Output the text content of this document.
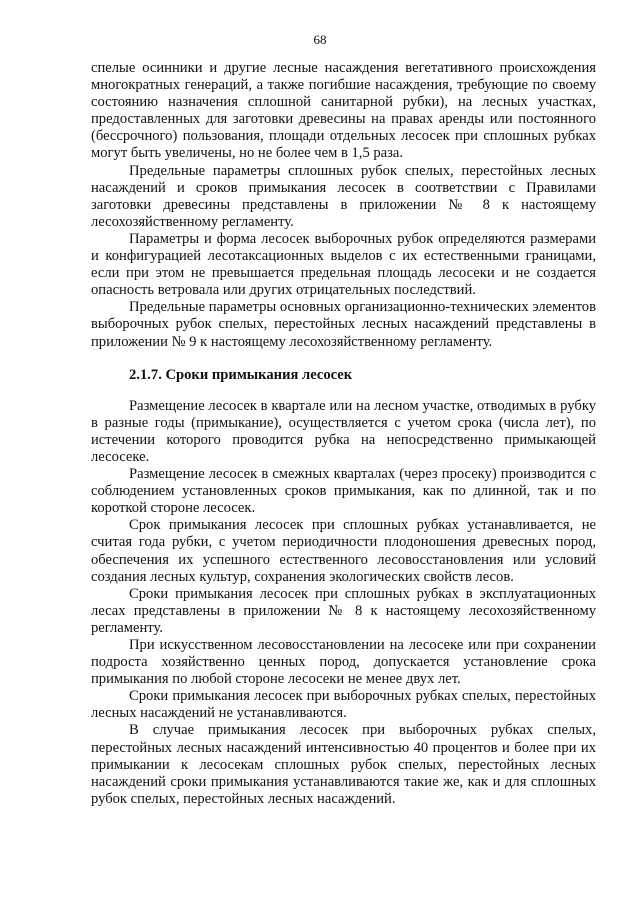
68

спелые осинники и другие лесные насаждения вегетативного происхождения многократных генераций, а также погибшие насаждения, требующие по своему состоянию назначения сплошной санитарной рубки), на лесных участках, предоставленных для заготовки древесины на правах аренды или постоянного (бессрочного) пользования, площади отдельных лесосек при сплошных рубках могут быть увеличены, но не более чем в 1,5 раза.

Предельные параметры сплошных рубок спелых, перестойных лесных насаждений и сроков примыкания лесосек в соответствии с Правилами заготовки древесины представлены в приложении № 8 к настоящему лесохозяйственному регламенту.

Параметры и форма лесосек выборочных рубок определяются размерами и конфигурацией лесотаксационных выделов с их естественными границами, если при этом не превышается предельная площадь лесосеки и не создается опасность ветровала или других отрицательных последствий.

Предельные параметры основных организационно-технических элементов выборочных рубок спелых, перестойных лесных насаждений представлены в приложении № 9 к настоящему лесохозяйственному регламенту.

2.1.7. Сроки примыкания лесосек

Размещение лесосек в квартале или на лесном участке, отводимых в рубку в разные годы (примыкание), осуществляется с учетом срока (числа лет), по истечении которого проводится рубка на непосредственно примыкающей лесосеке.

Размещение лесосек в смежных кварталах (через просеку) производится с соблюдением установленных сроков примыкания, как по длинной, так и по короткой стороне лесосек.

Срок примыкания лесосек при сплошных рубках устанавливается, не считая года рубки, с учетом периодичности плодоношения древесных пород, обеспечения их успешного естественного лесовосстановления или условий создания лесных культур, сохранения экологических свойств лесов.

Сроки примыкания лесосек при сплошных рубках в эксплуатационных лесах представлены в приложении № 8 к настоящему лесохозяйственному регламенту.

При искусственном лесовосстановлении на лесосеке или при сохранении подроста хозяйственно ценных пород, допускается установление срока примыкания по любой стороне лесосеки не менее двух лет.

Сроки примыкания лесосек при выборочных рубках спелых, перестойных лесных насаждений не устанавливаются.

В случае примыкания лесосек при выборочных рубках спелых, перестойных лесных насаждений интенсивностью 40 процентов и более при их примыкании к лесосекам сплошных рубок спелых, перестойных лесных насаждений сроки примыкания устанавливаются такие же, как и для сплошных рубок спелых, перестойных лесных насаждений.
